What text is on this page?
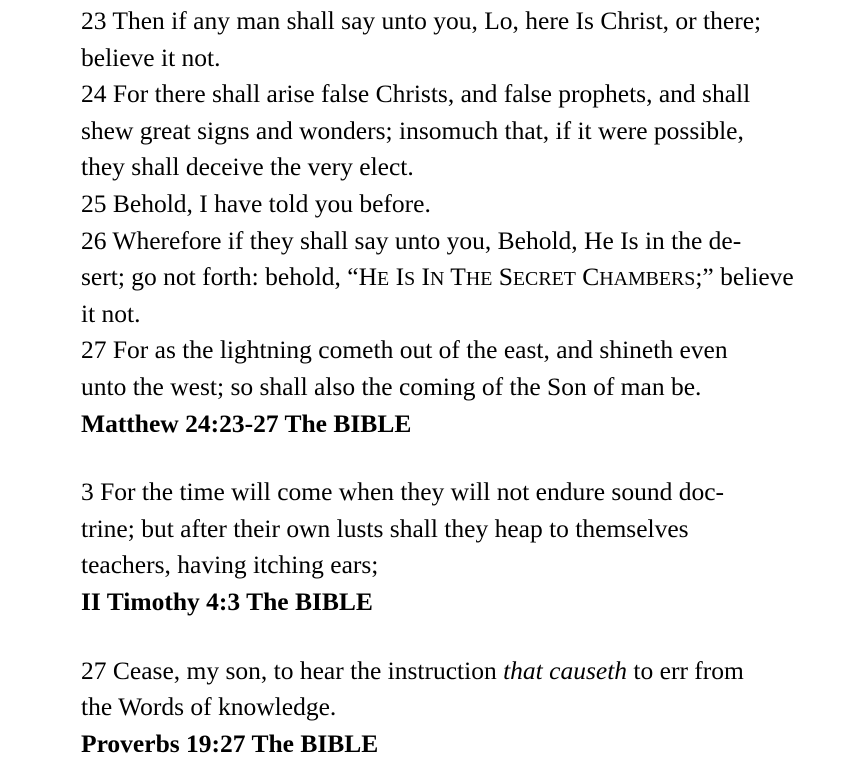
23 Then if any man shall say unto you, Lo, here Is Christ, or there;
believe it not.
24 For there shall arise false Christs, and false prophets, and shall
shew great signs and wonders; insomuch that, if it were possible,
they shall deceive the very elect.
25 Behold, I have told you before.
26 Wherefore if they shall say unto you, Behold, He Is in the de-
sert; go not forth: behold, “HE IS IN THE SECRET CHAMBERS;” believe
it not.
27 For as the lightning cometh out of the east, and shineth even
unto the west; so shall also the coming of the Son of man be.
Matthew 24:23-27 The BIBLE
3 For the time will come when they will not endure sound doc-
trine; but after their own lusts shall they heap to themselves
teachers, having itching ears;
II Timothy 4:3 The BIBLE
27 Cease, my son, to hear the instruction that causeth to err from
the Words of knowledge.
Proverbs 19:27 The BIBLE
